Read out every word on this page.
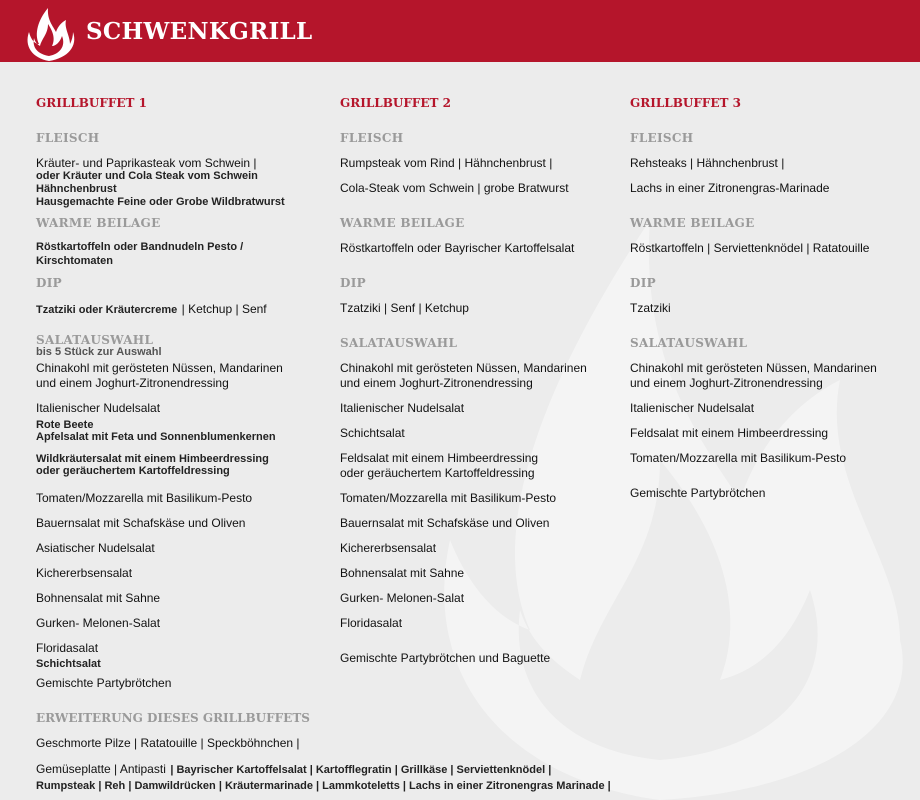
SCHWENKGRILL
GRILLBUFFET 1
FLEISCH
Kräuter- und Paprikasteak vom Schwein |
oder Kräuter und Cola Steak vom Schwein
Hähnchenbrust
Hausgemachte Feine oder Grobe Wildbratwurst
WARME BEILAGE
Röstkartoffeln oder Bandnudeln Pesto /
Kirschtomaten
DIP
Tzatziki oder Kräutercreme | Ketchup | Senf
SALATAUSWAHL
bis 5 Stück zur Auswahl
Chinakohl mit gerösteten Nüssen, Mandarinen
und einem Joghurt-Zitronendressing
Italienischer Nudelsalat
Rote Beete
Apfelsalat mit Feta und Sonnenblumenkernen
Wildkräutersalat mit einem Himbeerdressing
oder geräuchertem Kartoffeldressing
Tomaten/Mozzarella mit Basilikum-Pesto
Bauernsalat mit Schafskäse und Oliven
Asiatischer Nudelsalat
Kichererbsensalat
Bohnensalat mit Sahne
Gurken- Melonen-Salat
Floridasalat
Schichtsalat
Gemischte Partybrötchen
GRILLBUFFET 2
FLEISCH
Rumpsteak vom Rind | Hähnchenbrust |
Cola-Steak vom Schwein | grobe Bratwurst
WARME BEILAGE
Röstkartoffeln oder Bayrischer Kartoffelsalat
DIP
Tzatziki | Senf | Ketchup
SALATAUSWAHL
Chinakohl mit gerösteten Nüssen, Mandarinen
und einem Joghurt-Zitronendressing
Italienischer Nudelsalat
Schichtsalat
Feldsalat mit einem Himbeerdressing
oder geräuchertem Kartoffeldressing
Tomaten/Mozzarella mit Basilikum-Pesto
Bauernsalat mit Schafskäse und Oliven
Kichererbsensalat
Bohnensalat mit Sahne
Gurken- Melonen-Salat
Floridasalat
Gemischte Partybrötchen und Baguette
GRILLBUFFET 3
FLEISCH
Rehsteaks | Hähnchenbrust |
Lachs in einer Zitronengras-Marinade
WARME BEILAGE
Röstkartoffeln | Serviettenknödel | Ratatouille
DIP
Tzatziki
SALATAUSWAHL
Chinakohl mit gerösteten Nüssen, Mandarinen
und einem Joghurt-Zitronendressing
Italienischer Nudelsalat
Feldsalat mit einem Himbeerdressing
Tomaten/Mozzarella mit Basilikum-Pesto
Gemischte Partybrötchen
ERWEITERUNG DIESES GRILLBUFFETS
Geschmorte Pilze | Ratatouille | Speckböhnchen |
Gemüseplatte | Antipasti | Bayrischer Kartoffelsalat | Kartofflegratin | Grillkäse | Serviettenknödel |
Rumpsteak | Reh | Damwildrücken | Kräutermarinade | Lammkoteletts | Lachs in einer Zitronengras Marinade |
